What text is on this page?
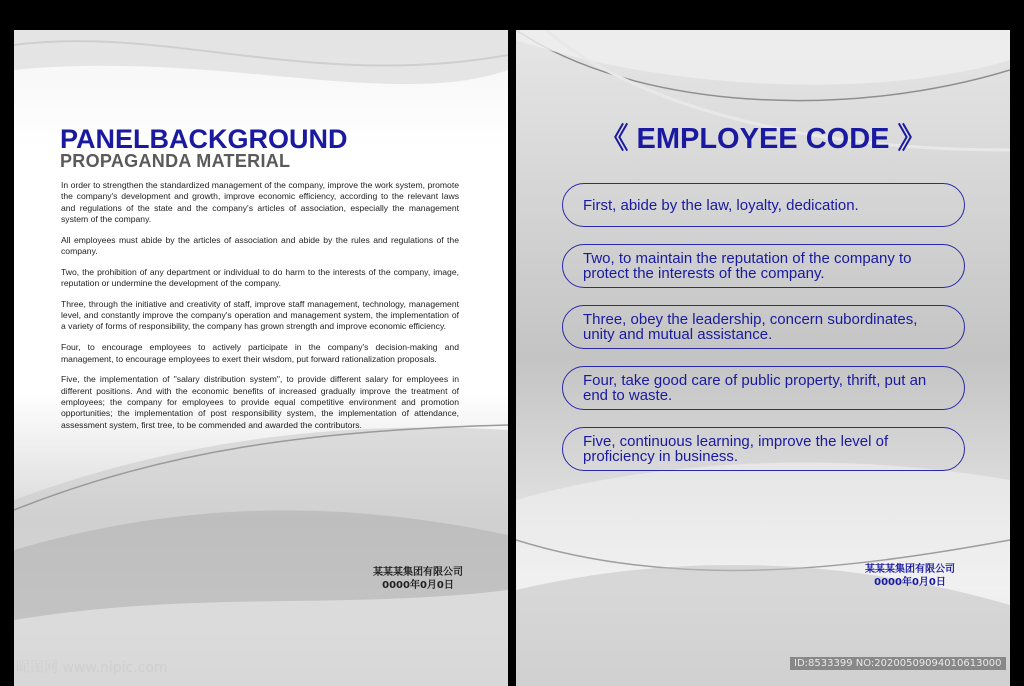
PANELBACKGROUND
PROPAGANDA MATERIAL

In order to strengthen the standardized management of the company, improve the work system, promote the company's development and growth, improve economic efficiency, according to the relevant laws and regulations of the state and the company's articles of association, especially the management system of the company.

All employees must abide by the articles of association and abide by the rules and regulations of the company.

Two, the prohibition of any department or individual to do harm to the interests of the company, image, reputation or undermine the development of the company.

Three, through the initiative and creativity of staff, improve staff management, technology, management level, and constantly improve the company's operation and management system, the implementation of a variety of forms of responsibility, the company has grown strength and improve economic efficiency.

Four, to encourage employees to actively participate in the company's decision-making and management, to encourage employees to exert their wisdom, put forward rationalization proposals.

Five, the implementation of "salary distribution system", to provide different salary for employees in different positions. And with the economic benefits of increased gradually improve the treatment of employees; the company for employees to provide equal competitive environment and promotion opportunities; the implementation of post responsibility system, the implementation of attendance, assessment system, first tree, to be commended and awarded the contributors.

某某某集团有限公司
0000年0月0日
《 EMPLOYEE CODE 》
First, abide by the law, loyalty, dedication.
Two, to maintain the reputation of the company to protect the interests of the company.
Three, obey the leadership, concern subordinates, unity and mutual assistance.
Four, take good care of public property, thrift, put an end to waste.
Five, continuous learning, improve the level of proficiency in business.
某某某集团有限公司
0000年0月0日
昵图网 www.nipic.com	ID:8533399 NO:20200509094010613000
